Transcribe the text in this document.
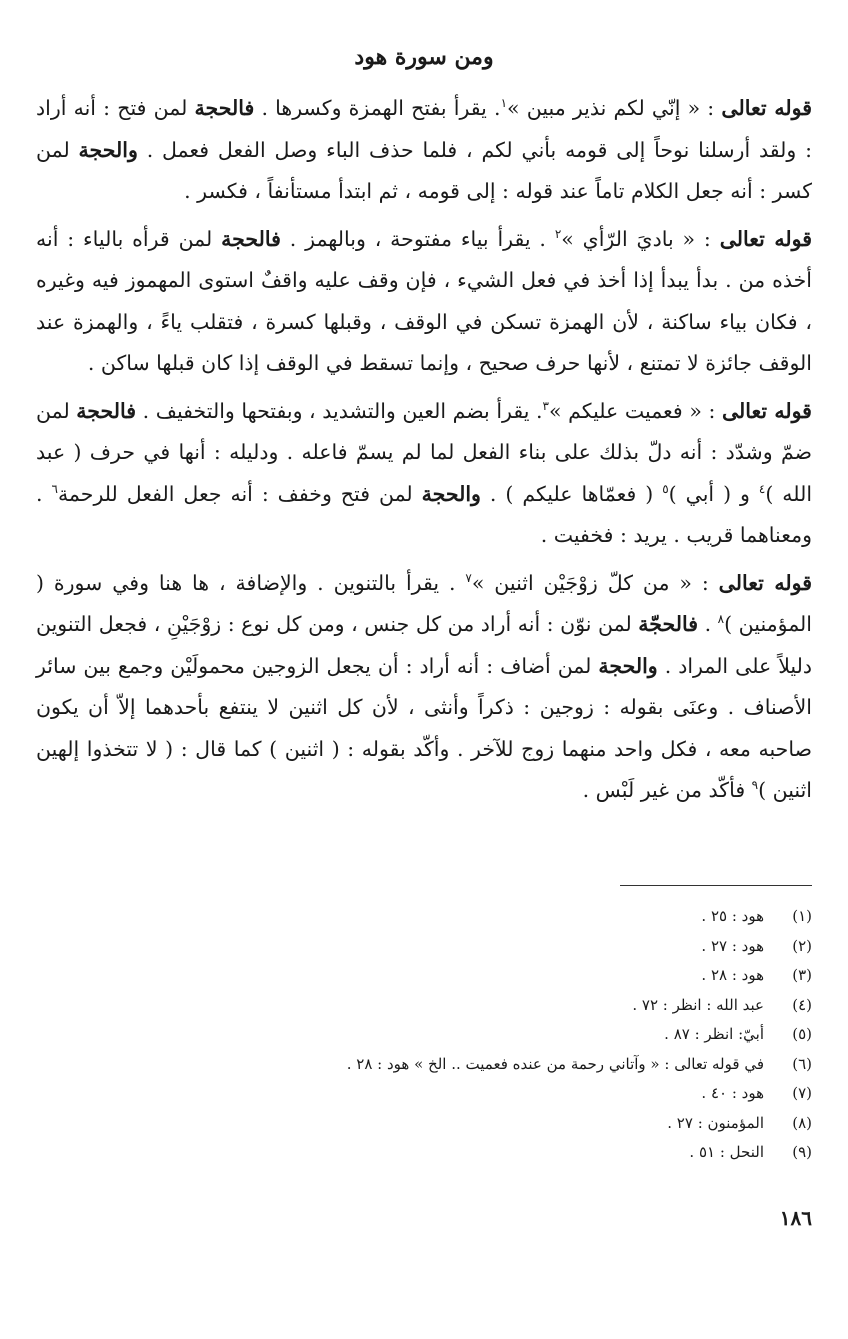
ومن سورة هود

قوله تعالى : « إنّي لكم نذير مبين »$^١$. يقرأ بفتح الهمزة وكسرها . فالحجة لمن فتح : أنه أراد : ولقد أرسلنا نوحاً إلى قومه بأني لكم ، فلما حذف الباء وصل الفعل فعمل . والحجة لمن كسر : أنه جعل الكلام تاماً عند قوله : إلى قومه ، ثم ابتدأ مستأنفاً ، فكسر .

قوله تعالى : « باديَ الرّأي »$^٢$ . يقرأ بياء مفتوحة ، وبالهمز . فالحجة لمن قرأه بالياء : أنه أخذه من . بدأ يبدأ إذا أخذ في فعل الشيء ، فإن وقف عليه واقفٌ استوى المهموز فيه وغيره ، فكان بياء ساكنة ، لأن الهمزة تسكن في الوقف ، وقبلها كسرة ، فتقلب ياءً ، والهمزة عند الوقف جائزة لا تمتنع ، لأنها حرف صحيح ، وإنما تسقط في الوقف إذا كان قبلها ساكن .

قوله تعالى : « فعميت عليكم »$^٣$. يقرأ بضم العين والتشديد ، وبفتحها والتخفيف . فالحجة لمن ضمّ وشدّد : أنه دلّ بذلك على بناء الفعل لما لم يسمّ فاعله . ودليله : أنها في حرف ( عبد الله )$^٤$ و ( أبي )$^٥$ ( فعمّاها عليكم ) . والحجة لمن فتح وخفف : أنه جعل الفعل للرحمة$^٦$ . ومعناهما قريب . يريد : فخفيت .

قوله تعالى : « من كلّ زوْجَيْن اثنين »$^٧$ . يقرأ بالتنوين . والإضافة ، ها هنا وفي سورة ( المؤمنين )$^٨$ . فالحجّة لمن نوّن : أنه أراد من كل جنس ، ومن كل نوع : زوْجَيْنِ ، فجعل التنوين دليلاً على المراد . والحجة لمن أضاف : أنه أراد : أن يجعل الزوجين محمولَيْن وجمع بين سائر الأصناف . وعنَى بقوله : زوجين : ذكراً وأنثى ، لأن كل اثنين لا ينتفع بأحدهما إلاّ أن يكون صاحبه معه ، فكل واحد منهما زوج للآخر . وأكّد بقوله : ( اثنين ) كما قال : ( لا تتخذوا إلهين اثنين )$^٩$ فأكّد من غير لَبْس .

(١)
هود : ٢٥ .
(٢)
هود : ٢٧ .
(٣)
هود : ٢٨ .
(٤)
عبد الله : انظر : ٧٢ .
(٥)
أبيّ: انظر : ٨٧ .
(٦)
في قوله تعالى : « وآتاني رحمة من عنده فعميت .. الخ » هود : ٢٨ .
(٧)
هود : ٤٠ .
(٨)
المؤمنون : ٢٧ .
(٩)
النحل : ٥١ .
١٨٦
